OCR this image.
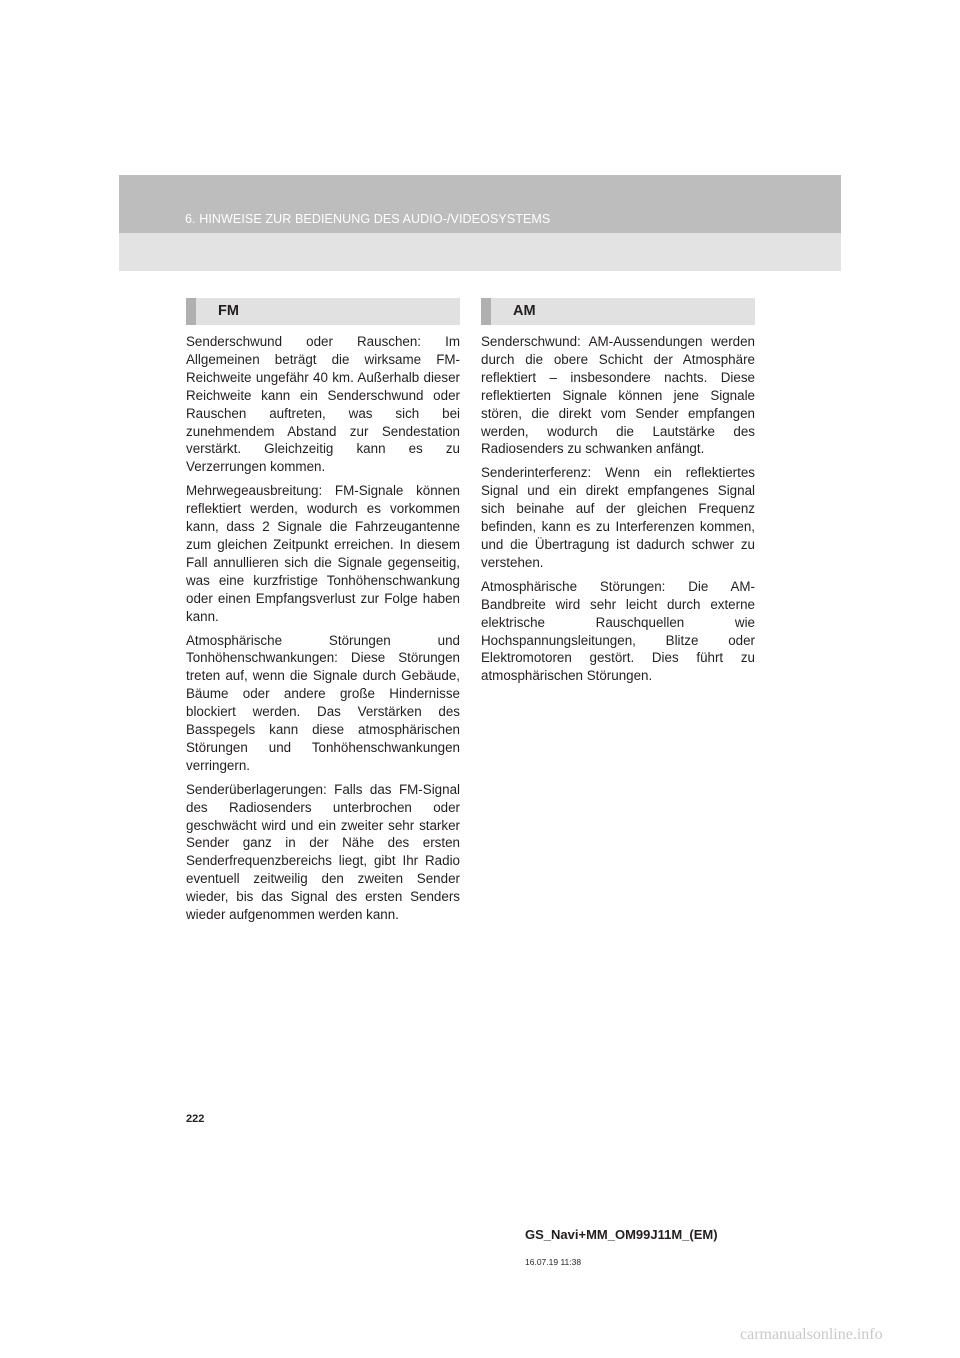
6. HINWEISE ZUR BEDIENUNG DES AUDIO-/VIDEOSYSTEMS
FM

Senderschwund oder Rauschen: Im Allgemeinen beträgt die wirksame FM-Reichweite ungefähr 40 km. Außerhalb dieser Reichweite kann ein Senderschwund oder Rauschen auftreten, was sich bei zunehmendem Abstand zur Sendestation verstärkt. Gleichzeitig kann es zu Verzerrungen kommen.

Mehrwegeausbreitung: FM-Signale können reflektiert werden, wodurch es vorkommen kann, dass 2 Signale die Fahrzeugantenne zum gleichen Zeitpunkt erreichen. In diesem Fall annullieren sich die Signale gegenseitig, was eine kurzfristige Tonhöhenschwankung oder einen Empfangsverlust zur Folge haben kann.

Atmosphärische Störungen und Tonhöhenschwankungen: Diese Störungen treten auf, wenn die Signale durch Gebäude, Bäume oder andere große Hindernisse blockiert werden. Das Verstärken des Basspegels kann diese atmosphärischen Störungen und Tonhöhenschwankungen verringern.

Senderüberlagerungen: Falls das FM-Signal des Radiosenders unterbrochen oder geschwächt wird und ein zweiter sehr starker Sender ganz in der Nähe des ersten Senderfrequenzbereichs liegt, gibt Ihr Radio eventuell zeitweilig den zweiten Sender wieder, bis das Signal des ersten Senders wieder aufgenommen werden kann.

AM

Senderschwund: AM-Aussendungen werden durch die obere Schicht der Atmosphäre reflektiert – insbesondere nachts. Diese reflektierten Signale können jene Signale stören, die direkt vom Sender empfangen werden, wodurch die Lautstärke des Radiosenders zu schwanken anfängt.

Senderinterferenz: Wenn ein reflektiertes Signal und ein direkt empfangenes Signal sich beinahe auf der gleichen Frequenz befinden, kann es zu Interferenzen kommen, und die Übertragung ist dadurch schwer zu verstehen.

Atmosphärische Störungen: Die AM-Bandbreite wird sehr leicht durch externe elektrische Rauschquellen wie Hochspannungsleitungen, Blitze oder Elektromotoren gestört. Dies führt zu atmosphärischen Störungen.

222
GS_Navi+MM_OM99J11M_(EM)
16.07.19 11:38
carmanualsonline.info
